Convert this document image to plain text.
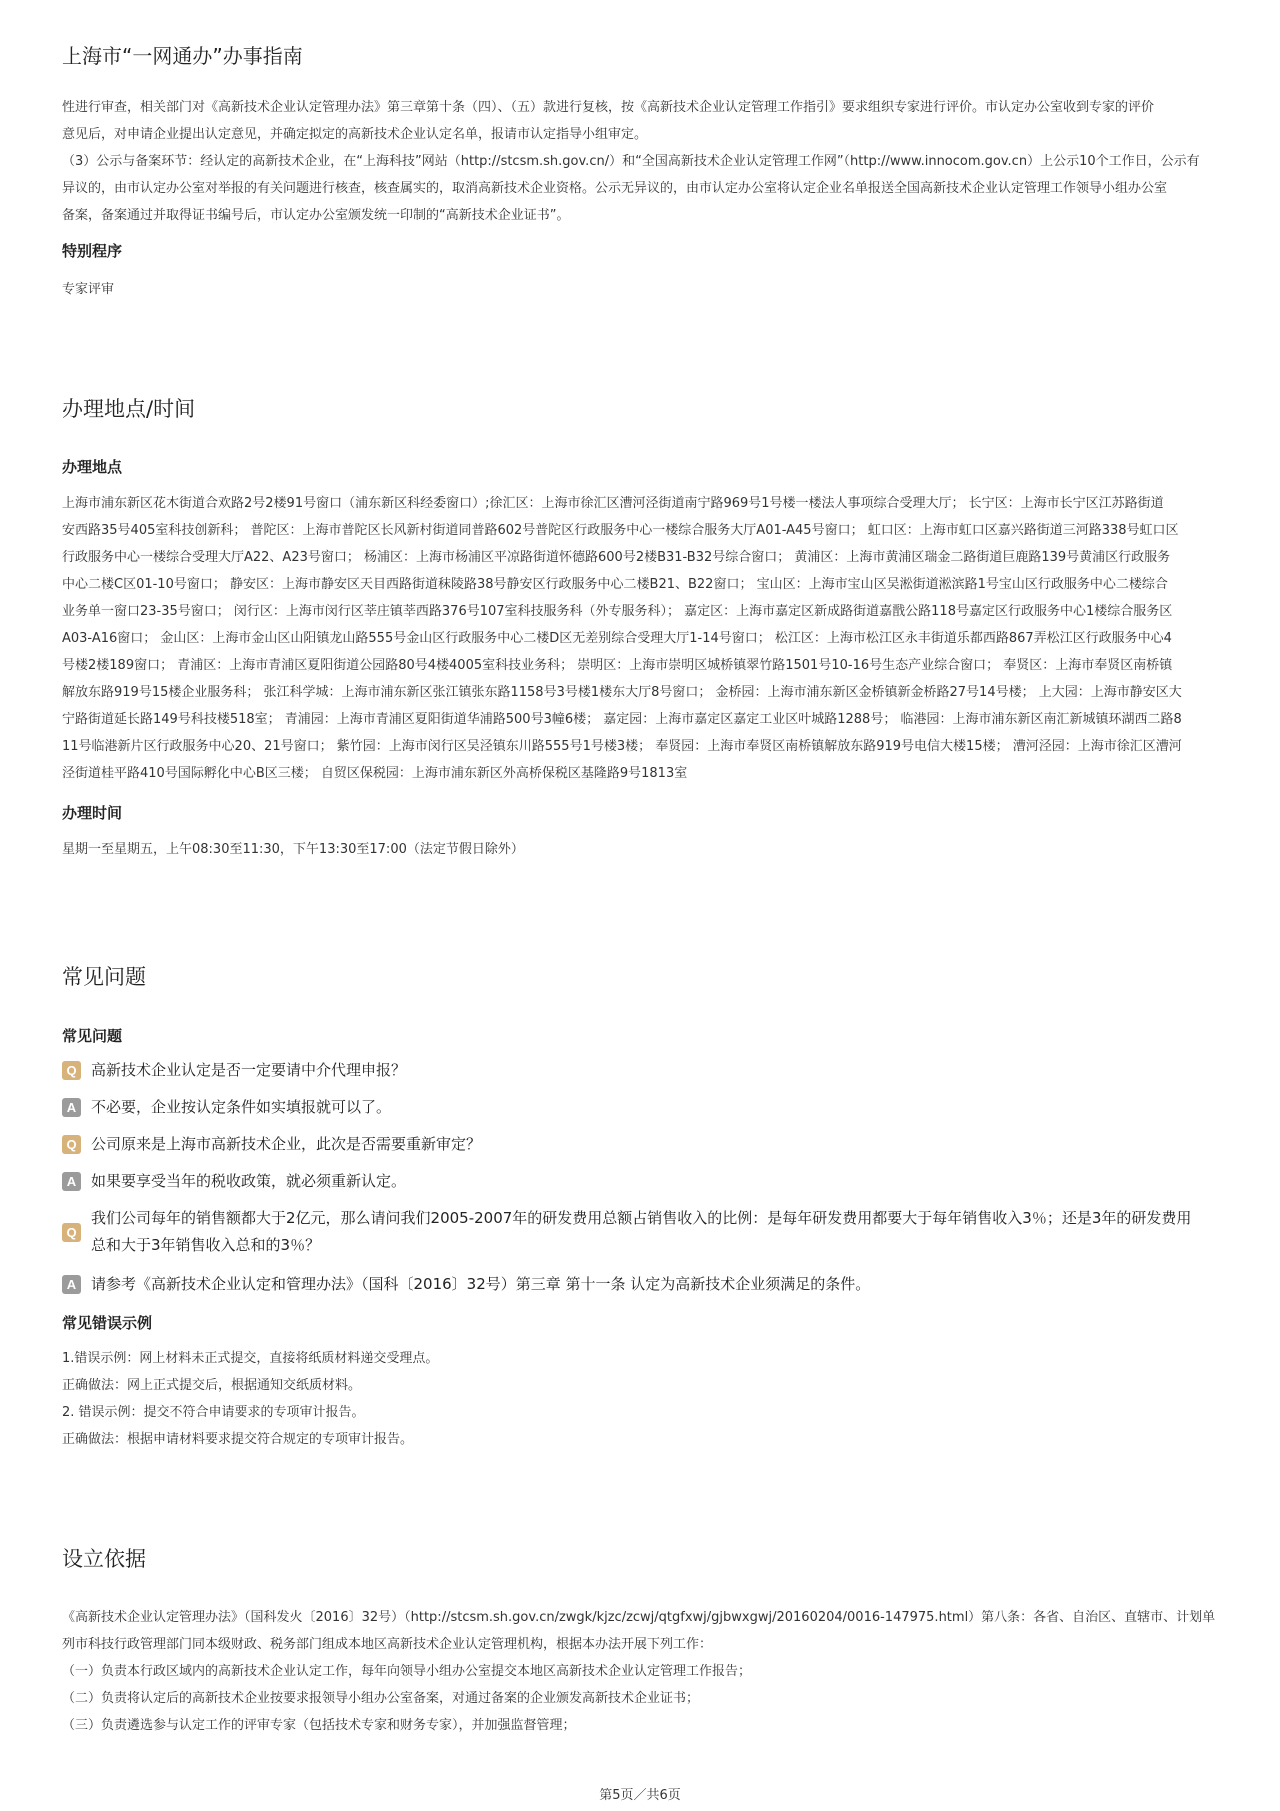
上海市“一网通办”办事指南

性进行审查，相关部门对《高新技术企业认定管理办法》第三章第十条（四）、（五）款进行复核，按《高新技术企业认定管理工作指引》要求组织专家进行评价。市认定办公室收到专家的评价

意见后，对申请企业提出认定意见，并确定拟定的高新技术企业认定名单，报请市认定指导小组审定。

（3）公示与备案环节：经认定的高新技术企业，在“上海科技”网站（http://stcsm.sh.gov.cn/）和“全国高新技术企业认定管理工作网”（http://www.innocom.gov.cn）上公示10个工作日，公示有

异议的，由市认定办公室对举报的有关问题进行核查，核查属实的，取消高新技术企业资格。公示无异议的，由市认定办公室将认定企业名单报送全国高新技术企业认定管理工作领导小组办公室

备案，备案通过并取得证书编号后，市认定办公室颁发统一印制的“高新技术企业证书”。

特别程序

专家评审

办理地点/时间 LING PLACE/TIME

办理地点

上海市浦东新区花木街道合欢路2号2楼91号窗口（浦东新区科经委窗口）;徐汇区：上海市徐汇区漕河泾街道南宁路969号1号楼一楼法人事项综合受理大厅； 长宁区：上海市长宁区江苏路街道

安西路35号405室科技创新科； 普陀区：上海市普陀区长风新村街道同普路602号普陀区行政服务中心一楼综合服务大厅A01-A45号窗口； 虹口区：上海市虹口区嘉兴路街道三河路338号虹口区

行政服务中心一楼综合受理大厅A22、A23号窗口； 杨浦区：上海市杨浦区平凉路街道怀德路600号2楼B31-B32号综合窗口； 黄浦区：上海市黄浦区瑞金二路街道巨鹿路139号黄浦区行政服务

中心二楼C区01-10号窗口； 静安区：上海市静安区天目西路街道秣陵路38号静安区行政服务中心二楼B21、B22窗口； 宝山区：上海市宝山区吴淞街道淞滨路1号宝山区行政服务中心二楼综合

业务单一窗口23-35号窗口； 闵行区：上海市闵行区莘庄镇莘西路376号107室科技服务科（外专服务科）； 嘉定区：上海市嘉定区新成路街道嘉戬公路118号嘉定区行政服务中心1楼综合服务区

A03-A16窗口； 金山区：上海市金山区山阳镇龙山路555号金山区行政服务中心二楼D区无差别综合受理大厅1-14号窗口； 松江区：上海市松江区永丰街道乐都西路867弄松江区行政服务中心4

号楼2楼189窗口； 青浦区：上海市青浦区夏阳街道公园路80号4楼4005室科技业务科； 崇明区：上海市崇明区城桥镇翠竹路1501号10-16号生态产业综合窗口； 奉贤区：上海市奉贤区南桥镇

解放东路919号15楼企业服务科； 张江科学城：上海市浦东新区张江镇张东路1158号3号楼1楼东大厅8号窗口； 金桥园：上海市浦东新区金桥镇新金桥路27号14号楼； 上大园：上海市静安区大

宁路街道延长路149号科技楼518室； 青浦园：上海市青浦区夏阳街道华浦路500号3幢6楼； 嘉定园：上海市嘉定区嘉定工业区叶城路1288号； 临港园：上海市浦东新区南汇新城镇环湖西二路8

11号临港新片区行政服务中心20、21号窗口； 紫竹园：上海市闵行区吴泾镇东川路555号1号楼3楼； 奉贤园：上海市奉贤区南桥镇解放东路919号电信大楼15楼； 漕河泾园：上海市徐汇区漕河

泾街道桂平路410号国际孵化中心B区三楼； 自贸区保税园：上海市浦东新区外高桥保税区基隆路9号1813室

办理时间

星期一至星期五，上午08:30至11:30，下午13:30至17:00（法定节假日除外）

常见问题

常见问题

Q 高新技术企业认定是否一定要请中介代理申报？
A 不必要，企业按认定条件如实填报就可以了。
Q 公司原来是上海市高新技术企业，此次是否需要重新审定？
A 如果要享受当年的税收政策，就必须重新认定。
Q
我们公司每年的销售额都大于2亿元，那么请问我们2005-2007年的研发费用总额占销售收入的比例：是每年研发费用都要大于每年销售收入3％；还是3年的研发费用
总和大于3年销售收入总和的3％？
A 请参考《高新技术企业认定和管理办法》（国科〔2016〕32号）第三章 第十一条 认定为高新技术企业须满足的条件。

常见错误示例

1.错误示例：网上材料未正式提交，直接将纸质材料递交受理点。

正确做法：网上正式提交后，根据通知交纸质材料。

2. 错误示例：提交不符合申请要求的专项审计报告。

正确做法：根据申请材料要求提交符合规定的专项审计报告。

设立依据

《高新技术企业认定管理办法》（国科发火〔2016〕32号）（http://stcsm.sh.gov.cn/zwgk/kjzc/zcwj/qtgfxwj/gjbwxgwj/20160204/0016-147975.html）第八条：各省、自治区、直辖市、计划单

列市科技行政管理部门同本级财政、税务部门组成本地区高新技术企业认定管理机构，根据本办法开展下列工作：

（一）负责本行政区域内的高新技术企业认定工作，每年向领导小组办公室提交本地区高新技术企业认定管理工作报告；

（二）负责将认定后的高新技术企业按要求报领导小组办公室备案，对通过备案的企业颁发高新技术企业证书；

（三）负责遴选参与认定工作的评审专家（包括技术专家和财务专家），并加强监督管理；

第5页／共6页
